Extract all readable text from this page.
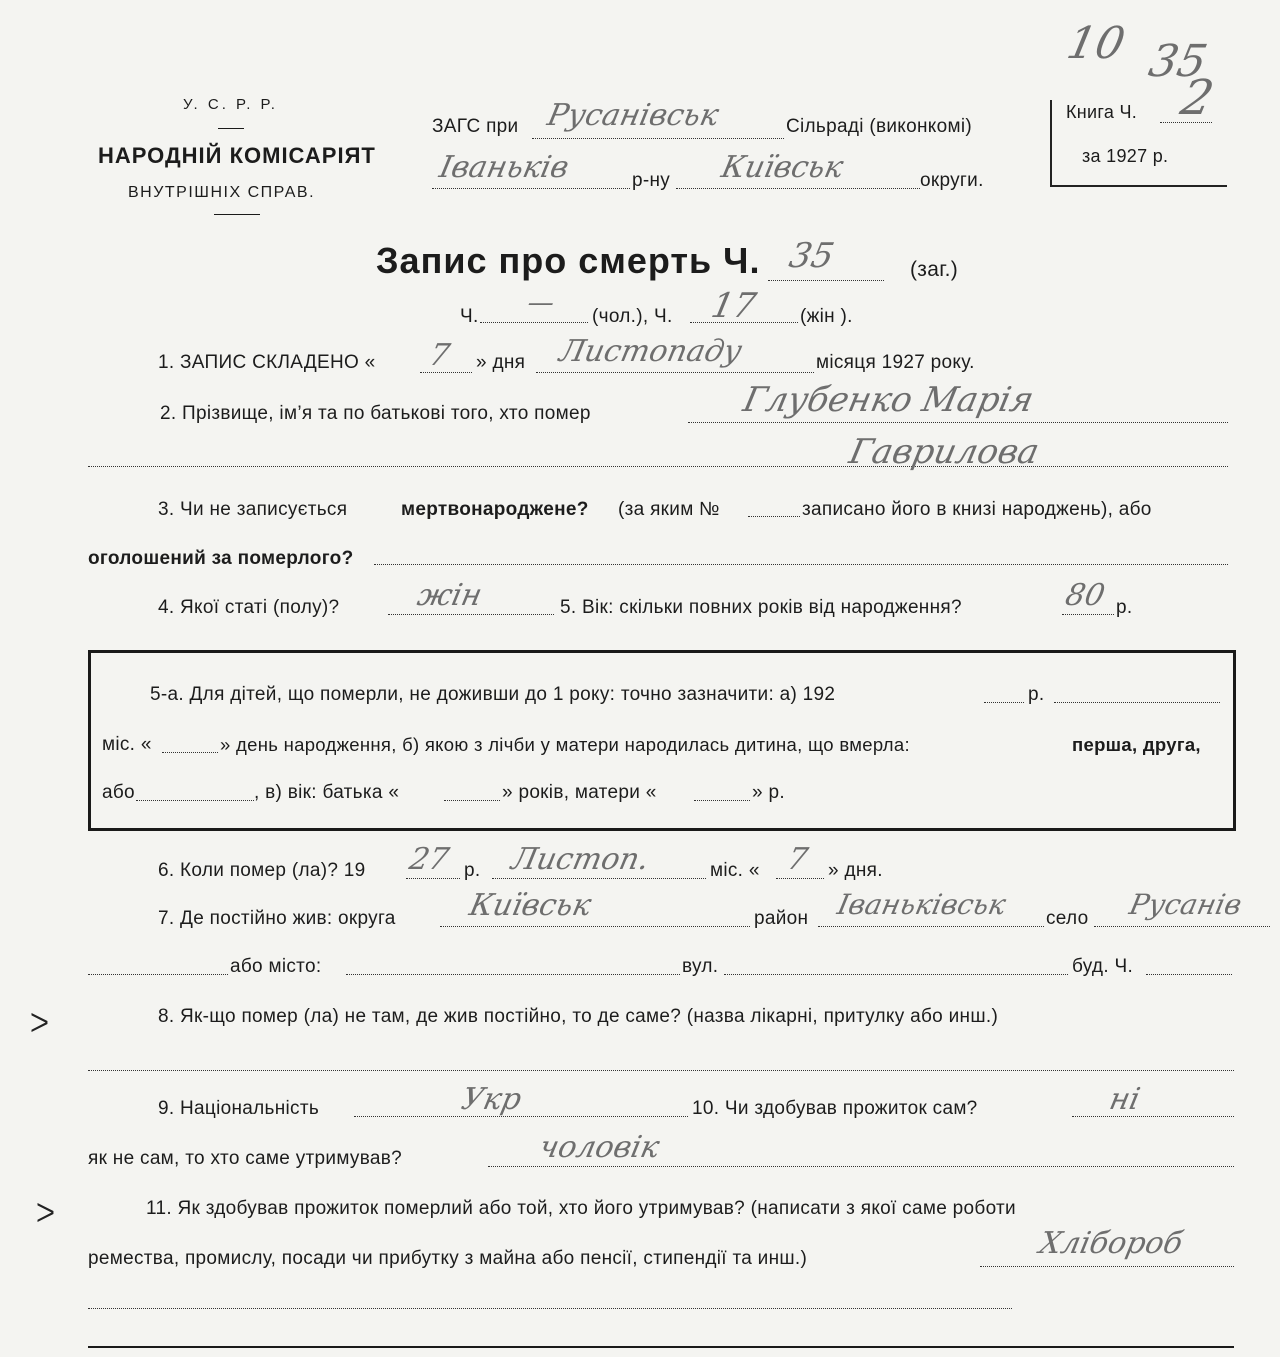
10 35
У. С. Р. Р.
НАРОДНІЙ КОМІСАРІЯТ
ВНУТРІШНІХ СПРАВ.
ЗАГС при Русанівськ	Сільраді (виконкомі)
Іваньків	р-ну Київськ	округи.
Книга Ч. 2
за 1927 р.
Запис про смерть Ч. 35	(заг.)
Ч. — (чол.), Ч. 17 (жін ).
1. ЗАПИС СКЛАДЕНО « 7 » дня Листопаду	місяця 1927 року.
2. Прізвище, ім’я та по батькові того, хто помер	Глубенко Марія
Гаврилова
3. Чи не записується	мертвонароджене? (за яким №	записано його в книзі народжень), або
оголошений за померлого?
4. Якої статі (полу)? жін	5. Вік: скільки повних років від народження?	80 р.
5-а. Для дітей, що померли, не доживши до 1 року: точно зазначити: а) 192	р.
міс. «	» день народження, б) якою з лічби у матери народилась дитина, що вмерла:	перша, друга,
або	, в) вік: батька «	» років, матери «	» р.
6. Коли помер (ла)? 19 27 р. Листоп.	міс. « 7 » дня.
7. Де постійно жив: округа Київськ	район Іваньківськ село Русанів
або місто:	вул.	буд. Ч.
8. Як-що помер (ла) не там, де жив постійно, то де саме? (назва лікарні, притулку або инш.)
9. Національність	Укр	10. Чи здобував прожиток сам?	ні
як не сам, то хто саме утримував?	чоловік
11. Як здобував прожиток померлий або той, хто його утримував? (написати з якої саме роботи
ремества, промислу, посади чи прибутку з майна або пенсії, стипендії та инш.)	Хлібороб
ᐳ
ᐳ
